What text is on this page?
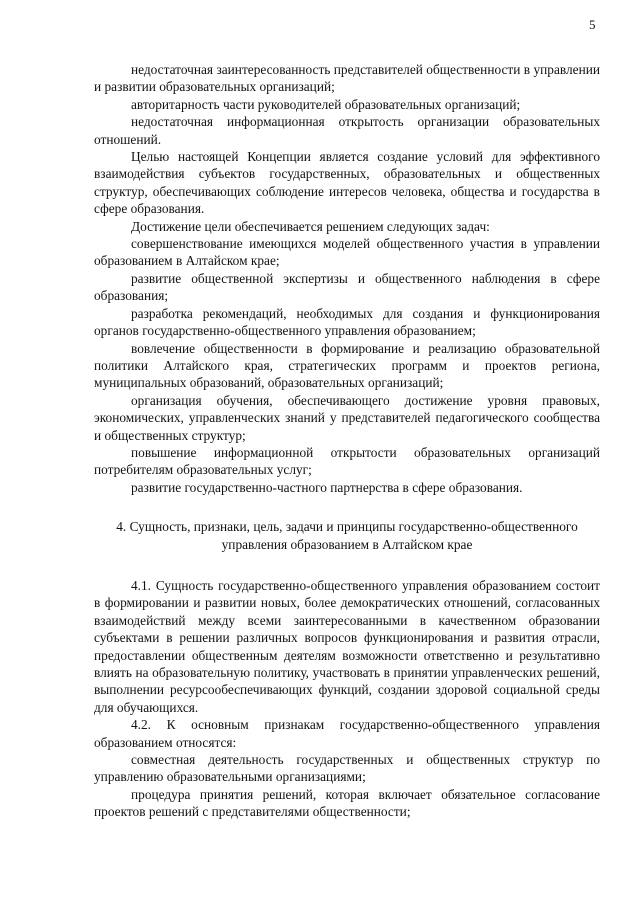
5

недостаточная заинтересованность представителей общественности в управлении и развитии образовательных организаций;

авторитарность части руководителей образовательных организаций;

недостаточная информационная открытость организации образовательных отношений.

Целью настоящей Концепции является создание условий для эффективного взаимодействия субъектов государственных, образовательных и общественных структур, обеспечивающих соблюдение интересов человека, общества и государства в сфере образования.

Достижение цели обеспечивается решением следующих задач:

совершенствование имеющихся моделей общественного участия в управлении образованием в Алтайском крае;

развитие общественной экспертизы и общественного наблюдения в сфере образования;

разработка рекомендаций, необходимых для создания и функционирования органов государственно-общественного управления образованием;

вовлечение общественности в формирование и реализацию образовательной политики Алтайского края, стратегических программ и проектов региона, муниципальных образований, образовательных организаций;

организация обучения, обеспечивающего достижение уровня правовых, экономических, управленческих знаний у представителей педагогического сообщества и общественных структур;

повышение информационной открытости образовательных организаций потребителям образовательных услуг;

развитие государственно-частного партнерства в сфере образования.

4. Сущность, признаки, цель, задачи и принципы государственно-общественного управления образованием в Алтайском крае

4.1. Сущность государственно-общественного управления образованием состоит в формировании и развитии новых, более демократических отношений, согласованных взаимодействий между всеми заинтересованными в качественном образовании субъектами в решении различных вопросов функционирования и развития отрасли, предоставлении общественным деятелям возможности ответственно и результативно влиять на образовательную политику, участвовать в принятии управленческих решений, выполнении ресурсообеспечивающих функций, создании здоровой социальной среды для обучающихся.

4.2. К основным признакам государственно-общественного управления образованием относятся:

совместная деятельность государственных и общественных структур по управлению образовательными организациями;

процедура принятия решений, которая включает обязательное согласование проектов решений с представителями общественности;
